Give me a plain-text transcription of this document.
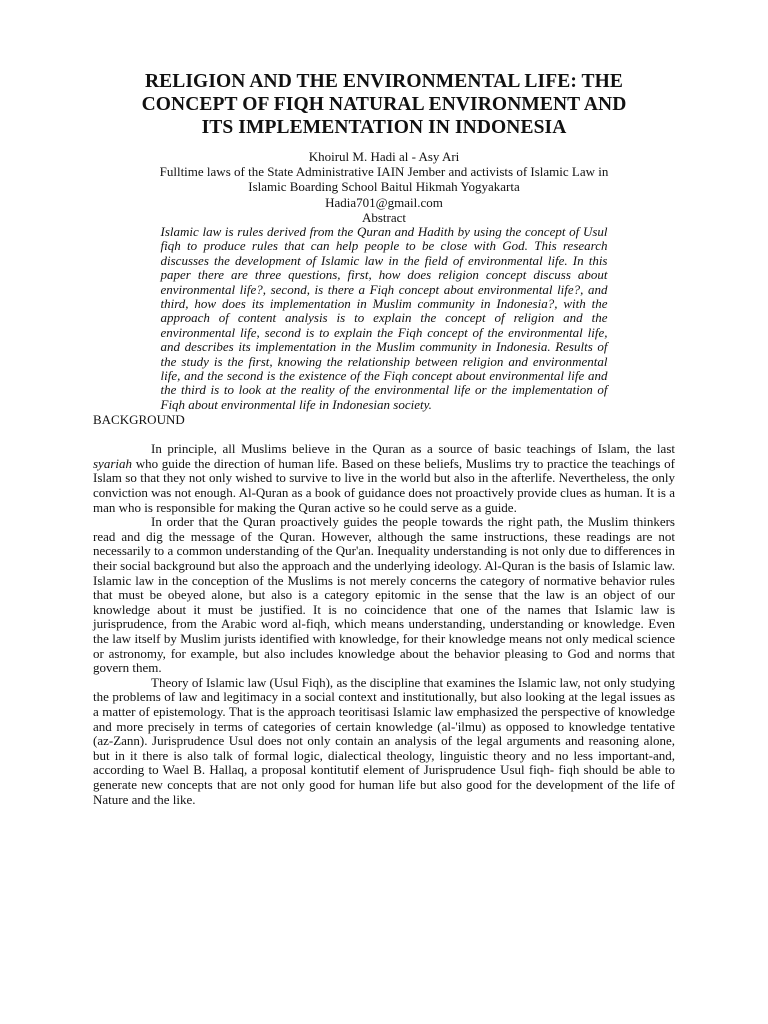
RELIGION AND THE ENVIRONMENTAL LIFE: THE
CONCEPT OF FIQH NATURAL ENVIRONMENT AND
ITS IMPLEMENTATION IN INDONESIA
Khoirul M. Hadi al - Asy Ari
Fulltime laws of the State Administrative IAIN Jember and activists of Islamic Law in
Islamic Boarding School Baitul Hikmah Yogyakarta
Hadia701@gmail.com
Abstract
Islamic law is rules derived from the Quran and Hadith by using the concept of Usul fiqh to produce rules that can help people to be close with God. This research discusses the development of Islamic law in the field of environmental life. In this paper there are three questions, first, how does religion concept discuss about environmental life?, second, is there a Fiqh concept about environmental life?, and third, how does its implementation in Muslim community in Indonesia?, with the approach of content analysis is to explain the concept of religion and the environmental life, second is to explain the Fiqh concept of the environmental life, and describes its implementation in the Muslim community in Indonesia. Results of the study is the first, knowing the relationship between religion and environmental life, and the second is the existence of the Fiqh concept about environmental life and the third is to look at the reality of the environmental life or the implementation of Fiqh about environmental life in Indonesian society.
BACKGROUND

In principle, all Muslims believe in the Quran as a source of basic teachings of Islam, the last syariah who guide the direction of human life. Based on these beliefs, Muslims try to practice the teachings of Islam so that they not only wished to survive to live in the world but also in the afterlife. Nevertheless, the only conviction was not enough. Al-Quran as a book of guidance does not proactively provide clues as human. It is a man who is responsible for making the Quran active so he could serve as a guide.

In order that the Quran proactively guides the people towards the right path, the Muslim thinkers read and dig the message of the Quran. However, although the same instructions, these readings are not necessarily to a common understanding of the Qur'an. Inequality understanding is not only due to differences in their social background but also the approach and the underlying ideology. Al-Quran is the basis of Islamic law. Islamic law in the conception of the Muslims is not merely concerns the category of normative behavior rules that must be obeyed alone, but also is a category epitomic in the sense that the law is an object of our knowledge about it must be justified. It is no coincidence that one of the names that Islamic law is jurisprudence, from the Arabic word al-fiqh, which means understanding, understanding or knowledge. Even the law itself by Muslim jurists identified with knowledge, for their knowledge means not only medical science or astronomy, for example, but also includes knowledge about the behavior pleasing to God and norms that govern them.

Theory of Islamic law (Usul Fiqh), as the discipline that examines the Islamic law, not only studying the problems of law and legitimacy in a social context and institutionally, but also looking at the legal issues as a matter of epistemology. That is the approach teoritisasi Islamic law emphasized the perspective of knowledge and more precisely in terms of categories of certain knowledge (al-'ilmu) as opposed to knowledge tentative (az-Zann). Jurisprudence Usul does not only contain an analysis of the legal arguments and reasoning alone, but in it there is also talk of formal logic, dialectical theology, linguistic theory and no less important-and, according to Wael B. Hallaq, a proposal kontitutif element of Jurisprudence Usul fiqh- fiqh should be able to generate new concepts that are not only good for human life but also good for the development of the life of Nature and the like.
